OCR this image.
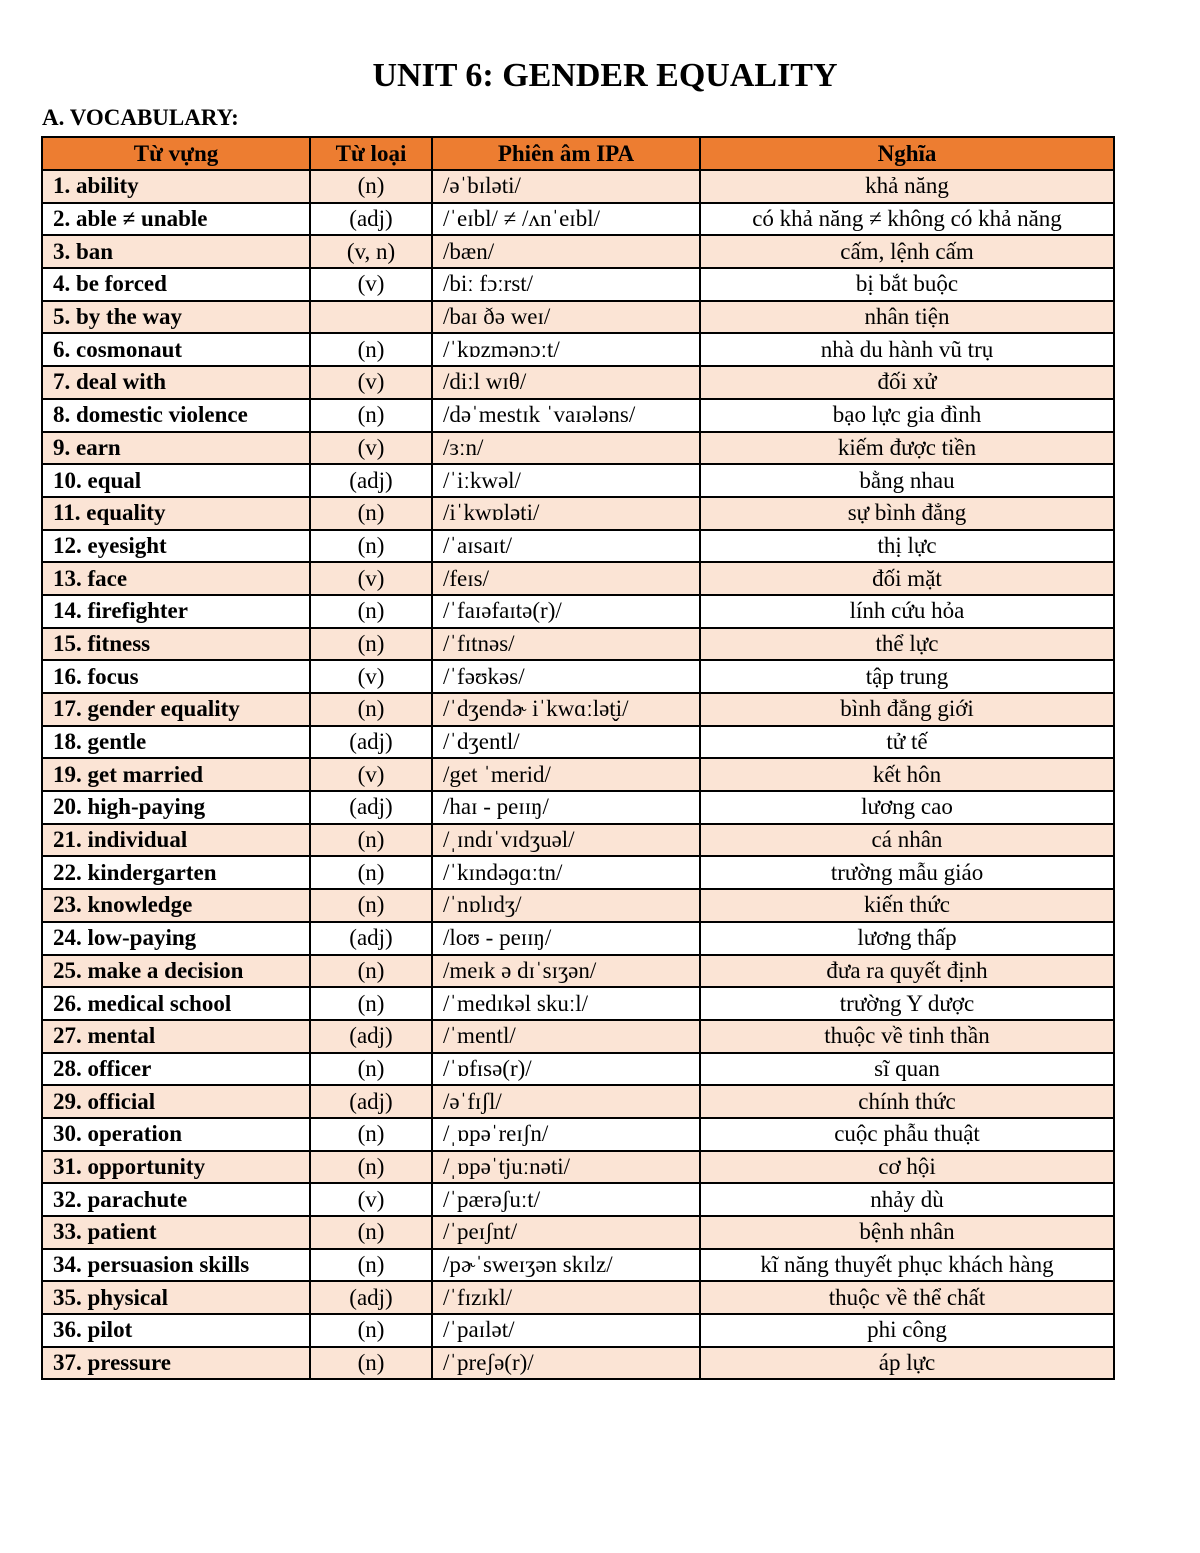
UNIT 6: GENDER EQUALITY
A. VOCABULARY:
Từ vựng	Từ loại	Phiên âm IPA	Nghĩa
1. ability	(n)	/əˈbɪləti/	khả năng
2. able ≠ unable	(adj)	/ˈeɪbl/ ≠ /ʌnˈeɪbl/	có khả năng ≠ không có khả năng
3. ban	(v, n)	/bæn/	cấm, lệnh cấm
4. be forced	(v)	/biː fɔːrst/	bị bắt buộc
5. by the way		/baɪ ðə weɪ/	nhân tiện
6. cosmonaut	(n)	/ˈkɒzmənɔːt/	nhà du hành vũ trụ
7. deal with	(v)	/diːl wɪθ/	đối xử
8. domestic violence	(n)	/dəˈmestɪk ˈvaɪələns/	bạo lực gia đình
9. earn	(v)	/ɜːn/	kiếm được tiền
10. equal	(adj)	/ˈiːkwəl/	bằng nhau
11. equality	(n)	/iˈkwɒləti/	sự bình đẳng
12. eyesight	(n)	/ˈaɪsaɪt/	thị lực
13. face	(v)	/feɪs/	đối mặt
14. firefighter	(n)	/ˈfaɪəfaɪtə(r)/	lính cứu hỏa
15. fitness	(n)	/ˈfɪtnəs/	thể lực
16. focus	(v)	/ˈfəʊkəs/	tập trung
17. gender equality	(n)	/ˈdʒendɚ iˈkwɑːlət̬i/	bình đẳng giới
18. gentle	(adj)	/ˈdʒentl/	tử tế
19. get married	(v)	/get ˈmerid/	kết hôn
20. high-paying	(adj)	/haɪ - peɪɪŋ/	lương cao
21. individual	(n)	/ˌɪndɪˈvɪdʒuəl/	cá nhân
22. kindergarten	(n)	/ˈkɪndəɡɑːtn/	trường mẫu giáo
23. knowledge	(n)	/ˈnɒlɪdʒ/	kiến thức
24. low-paying	(adj)	/loʊ - peɪɪŋ/	lương thấp
25. make a decision	(n)	/meɪk ə dɪˈsɪʒən/	đưa ra quyết định
26. medical school	(n)	/ˈmedɪkəl skuːl/	trường Y dược
27. mental	(adj)	/ˈmentl/	thuộc về tinh thần
28. officer	(n)	/ˈɒfɪsə(r)/	sĩ quan
29. official	(adj)	/əˈfɪʃl/	chính thức
30. operation	(n)	/ˌɒpəˈreɪʃn/	cuộc phẫu thuật
31. opportunity	(n)	/ˌɒpəˈtjuːnəti/	cơ hội
32. parachute	(v)	/ˈpærəʃuːt/	nhảy dù
33. patient	(n)	/ˈpeɪʃnt/	bệnh nhân
34. persuasion skills	(n)	/pɚˈsweɪʒən skɪlz/	kĩ năng thuyết phục khách hàng
35. physical	(adj)	/ˈfɪzɪkl/	thuộc về thể chất
36. pilot	(n)	/ˈpaɪlət/	phi công
37. pressure	(n)	/ˈpreʃə(r)/	áp lực
